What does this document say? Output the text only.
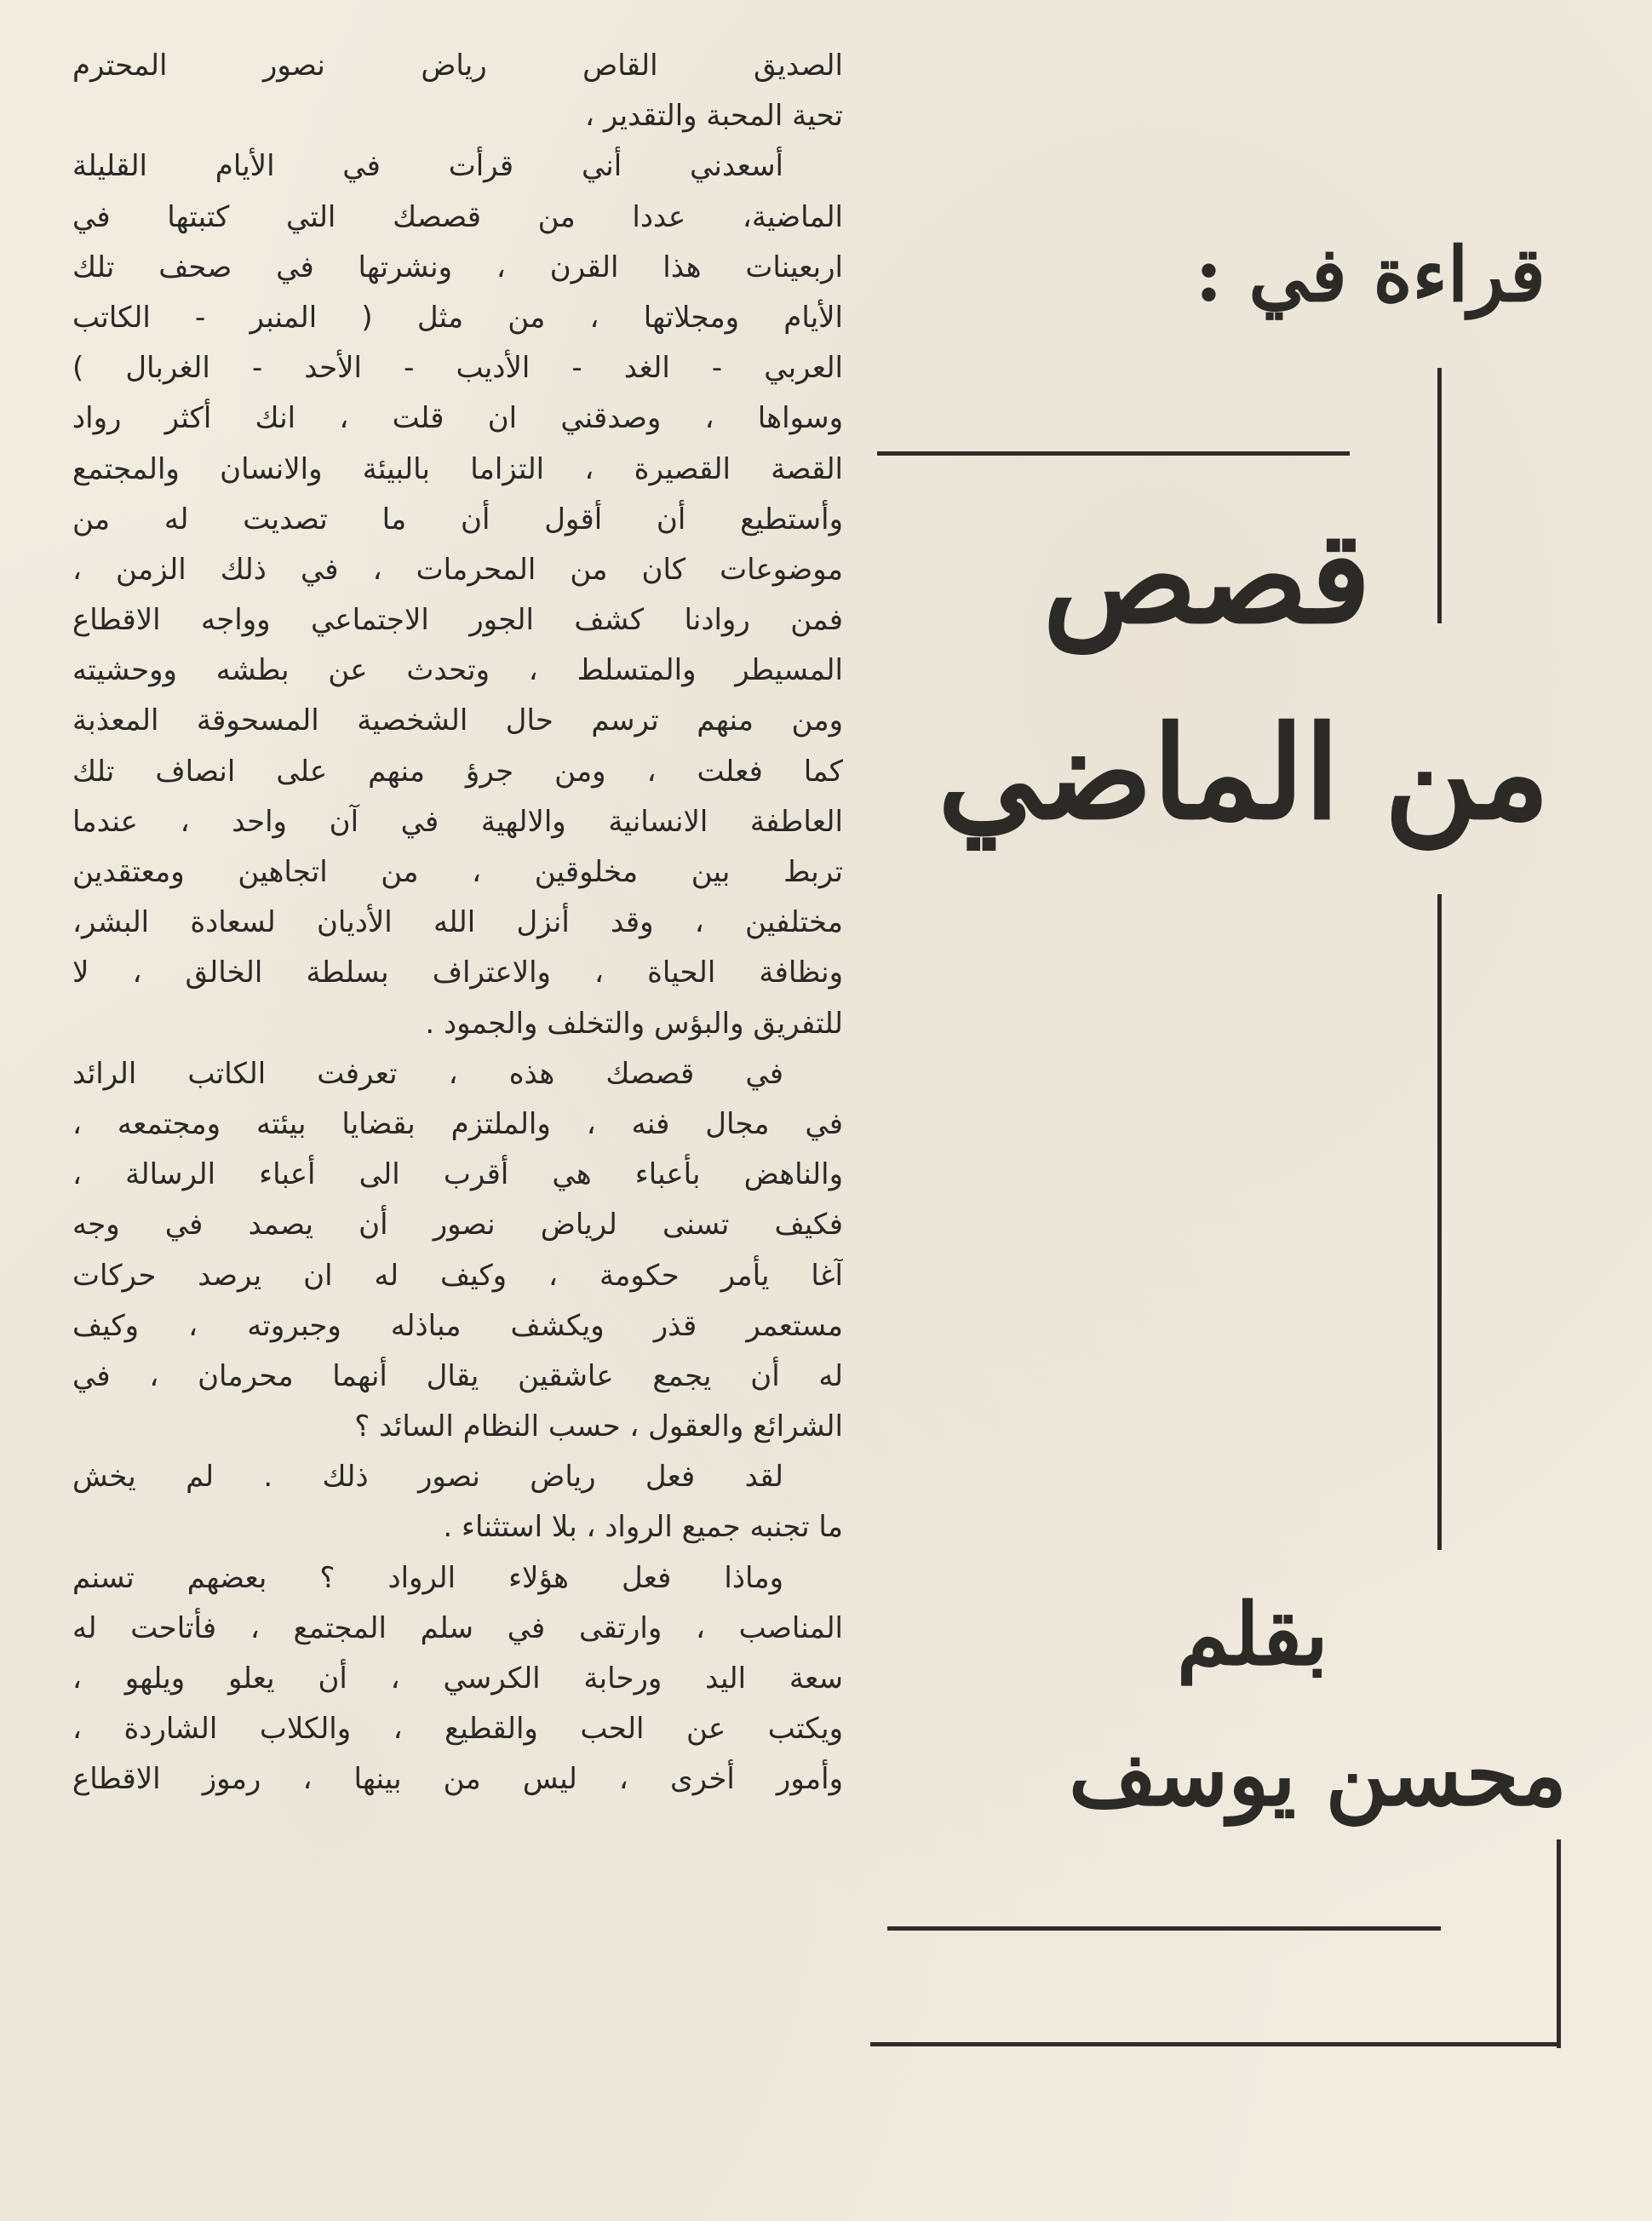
الصديق القاص رياض نصور المحترم
تحية المحبة والتقدير ،
أسعدني أني قرأت في الأيام القليلة
الماضية، عددا من قصصك التي كتبتها في
اربعينات هذا القرن ، ونشرتها في صحف تلك
الأيام ومجلاتها ، من مثل ( المنبر - الكاتب
العربي - الغد - الأديب - الأحد - الغربال )
وسواها ، وصدقني ان قلت ، انك أكثر رواد
القصة القصيرة ، التزاما بالبيئة والانسان والمجتمع
وأستطيع أن أقول أن ما تصديت له من
موضوعات كان من المحرمات ، في ذلك الزمن ،
فمن روادنا كشف الجور الاجتماعي وواجه الاقطاع
المسيطر والمتسلط ، وتحدث عن بطشه ووحشيته
ومن منهم ترسم حال الشخصية المسحوقة المعذبة
كما فعلت ، ومن جرؤ منهم على انصاف تلك
العاطفة الانسانية والالهية في آن واحد ، عندما
تربط بين مخلوقين ، من اتجاهين ومعتقدين
مختلفين ، وقد أنزل الله الأديان لسعادة البشر،
ونظافة الحياة ، والاعتراف بسلطة الخالق ، لا
للتفريق والبؤس والتخلف والجمود .
في قصصك هذه ، تعرفت الكاتب الرائد
في مجال فنه ، والملتزم بقضايا بيئته ومجتمعه ،
والناهض بأعباء هي أقرب الى أعباء الرسالة ،
فكيف تسنى لرياض نصور أن يصمد في وجه
آغا يأمر حكومة ، وكيف له ان يرصد حركات
مستعمر قذر ويكشف مباذله وجبروته ، وكيف
له أن يجمع عاشقين يقال أنهما محرمان ، في
الشرائع والعقول ، حسب النظام السائد ؟
لقد فعل رياض نصور ذلك . لم يخش
ما تجنبه جميع الرواد ، بلا استثناء .
وماذا فعل هؤلاء الرواد ؟ بعضهم تسنم
المناصب ، وارتقى في سلم المجتمع ، فأتاحت له
سعة اليد ورحابة الكرسي ، أن يعلو ويلهو ،
ويكتب عن الحب والقطيع ، والكلاب الشاردة ،
وأمور أخرى ، ليس من بينها ، رموز الاقطاع
قراءة في :
قصص
من الماضي
بقلم
محسن يوسف
